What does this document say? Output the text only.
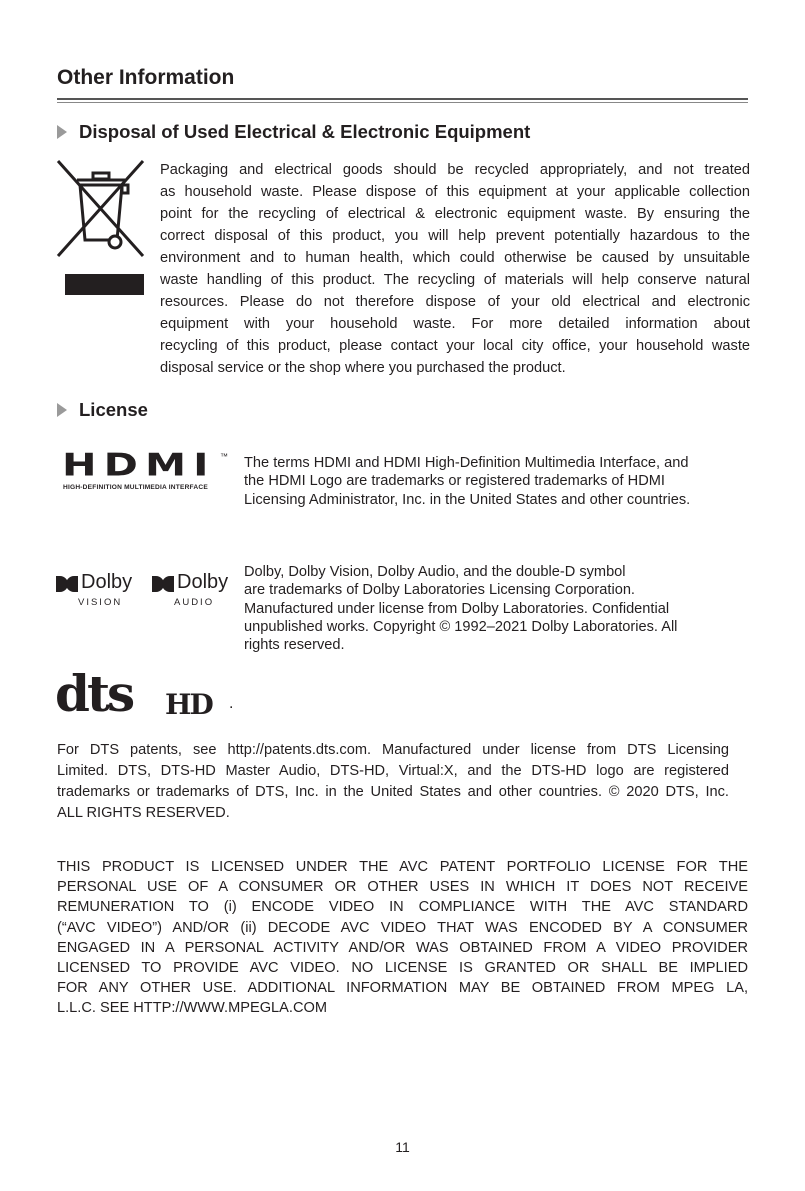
Other Information
Disposal of Used Electrical & Electronic Equipment

Packaging and electrical goods should be recycled appropriately, and not treated
as household waste. Please dispose of this equipment at your applicable collection
point for the recycling of electrical & electronic equipment waste. By ensuring the
correct disposal of this product, you will help prevent potentially hazardous to the
environment and to human health, which could otherwise be caused by unsuitable
waste handling of this product. The recycling of materials will help conserve natural
resources. Please do not therefore dispose of your old electrical and electronic
equipment with your household waste. For more detailed information about
recycling of this product, please contact your local city office, your household waste
disposal service or the shop where you purchased the product.

License
HDMI ™
HIGH-DEFINITION MULTIMEDIA INTERFACE

The terms HDMI and HDMI High-Definition Multimedia Interface, and
the HDMI Logo are trademarks or registered trademarks of HDMI
Licensing Administrator, Inc. in the United States and other countries.

Dolby
VISION
Dolby
AUDIO

Dolby, Dolby Vision, Dolby Audio, and the double-D symbol
are trademarks of Dolby Laboratories Licensing Corporation.
Manufactured under license from Dolby Laboratories. Confidential
unpublished works. Copyright © 1992–2021 Dolby Laboratories. All
rights reserved.

dts HD .

For DTS patents, see http://patents.dts.com. Manufactured under license from DTS Licensing
Limited. DTS, DTS-HD Master Audio, DTS-HD, Virtual:X, and the DTS-HD logo are registered
trademarks or trademarks of DTS, Inc. in the United States and other countries. © 2020 DTS, Inc.
ALL RIGHTS RESERVED.

THIS PRODUCT IS LICENSED UNDER THE AVC PATENT PORTFOLIO LICENSE FOR THE
PERSONAL USE OF A CONSUMER OR OTHER USES IN WHICH IT DOES NOT RECEIVE
REMUNERATION TO (i) ENCODE VIDEO IN COMPLIANCE WITH THE AVC STANDARD
(“AVC VIDEO”) AND/OR (ii) DECODE AVC VIDEO THAT WAS ENCODED BY A CONSUMER
ENGAGED IN A PERSONAL ACTIVITY AND/OR WAS OBTAINED FROM A VIDEO PROVIDER
LICENSED TO PROVIDE AVC VIDEO. NO LICENSE IS GRANTED OR SHALL BE IMPLIED
FOR ANY OTHER USE. ADDITIONAL INFORMATION MAY BE OBTAINED FROM MPEG LA,
L.L.C. SEE HTTP://WWW.MPEGLA.COM

11
